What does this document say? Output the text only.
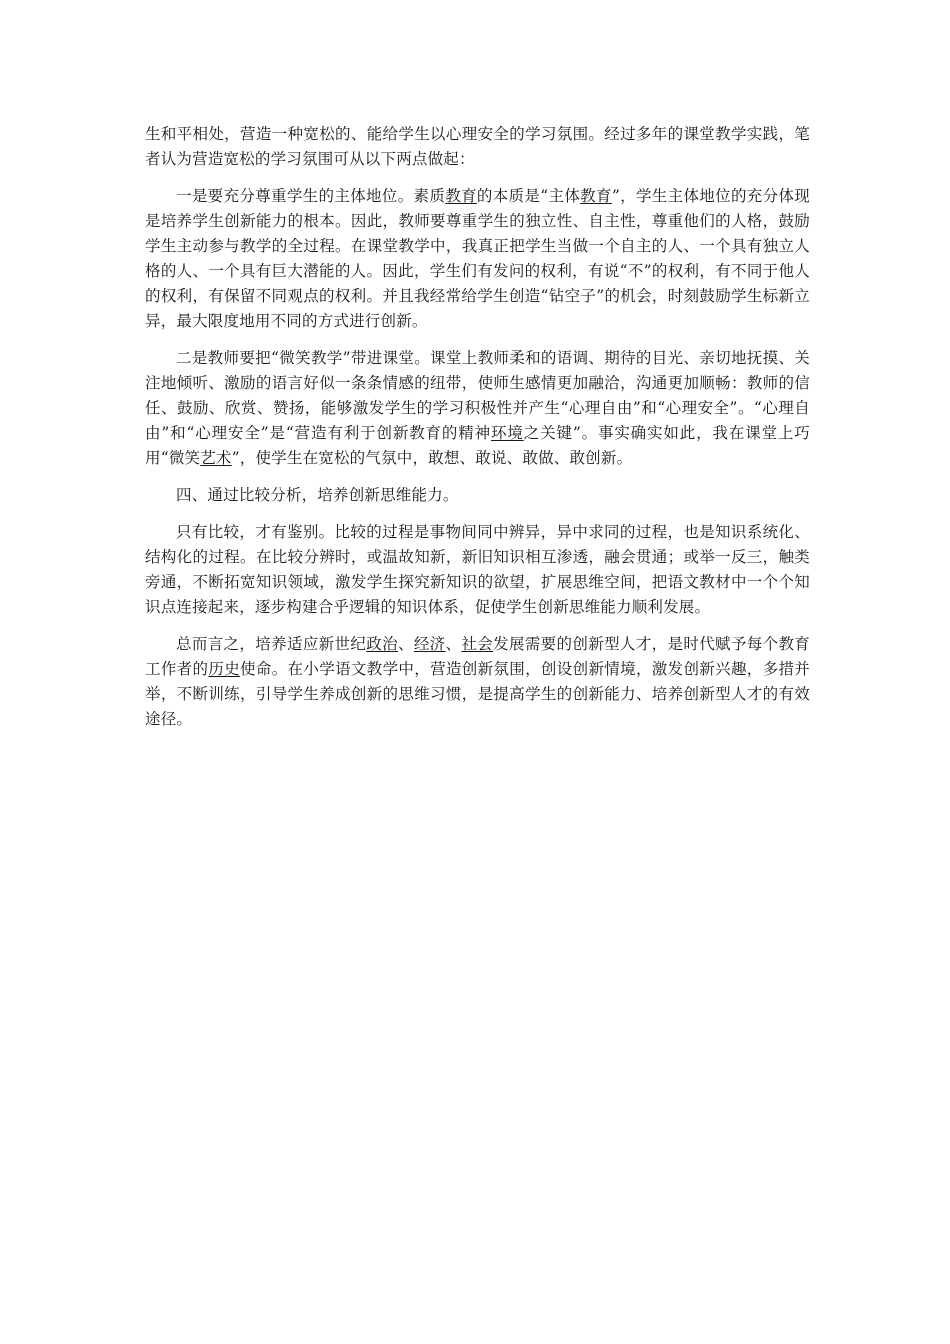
生和平相处，营造一种宽松的、能给学生以心理安全的学习氛围。经过多年的课堂教学实践，笔者认为营造宽松的学习氛围可从以下两点做起：

一是要充分尊重学生的主体地位。素质教育的本质是“主体教育”，学生主体地位的充分体现是培养学生创新能力的根本。因此，教师要尊重学生的独立性、自主性，尊重他们的人格，鼓励学生主动参与教学的全过程。在课堂教学中，我真正把学生当做一个自主的人、一个具有独立人格的人、一个具有巨大潜能的人。因此，学生们有发问的权利，有说“不”的权利，有不同于他人的权利，有保留不同观点的权利。并且我经常给学生创造“钻空子”的机会，时刻鼓励学生标新立异，最大限度地用不同的方式进行创新。

二是教师要把“微笑教学”带进课堂。课堂上教师柔和的语调、期待的目光、亲切地抚摸、关注地倾听、激励的语言好似一条条情感的纽带，使师生感情更加融洽，沟通更加顺畅：教师的信任、鼓励、欣赏、赞扬，能够激发学生的学习积极性并产生“心理自由”和“心理安全”。“心理自由”和“心理安全”是“营造有利于创新教育的精神环境之关键”。事实确实如此，我在课堂上巧用“微笑艺术”，使学生在宽松的气氛中，敢想、敢说、敢做、敢创新。

四、通过比较分析，培养创新思维能力。

只有比较，才有鉴别。比较的过程是事物间同中辨异，异中求同的过程，也是知识系统化、结构化的过程。在比较分辨时，或温故知新，新旧知识相互渗透，融会贯通；或举一反三，触类旁通，不断拓宽知识领域，激发学生探究新知识的欲望，扩展思维空间，把语文教材中一个个知识点连接起来，逐步构建合乎逻辑的知识体系，促使学生创新思维能力顺利发展。

总而言之，培养适应新世纪政治、经济、社会发展需要的创新型人才，是时代赋予每个教育工作者的历史使命。在小学语文教学中，营造创新氛围，创设创新情境，激发创新兴趣，多措并举，不断训练，引导学生养成创新的思维习惯，是提高学生的创新能力、培养创新型人才的有效途径。
